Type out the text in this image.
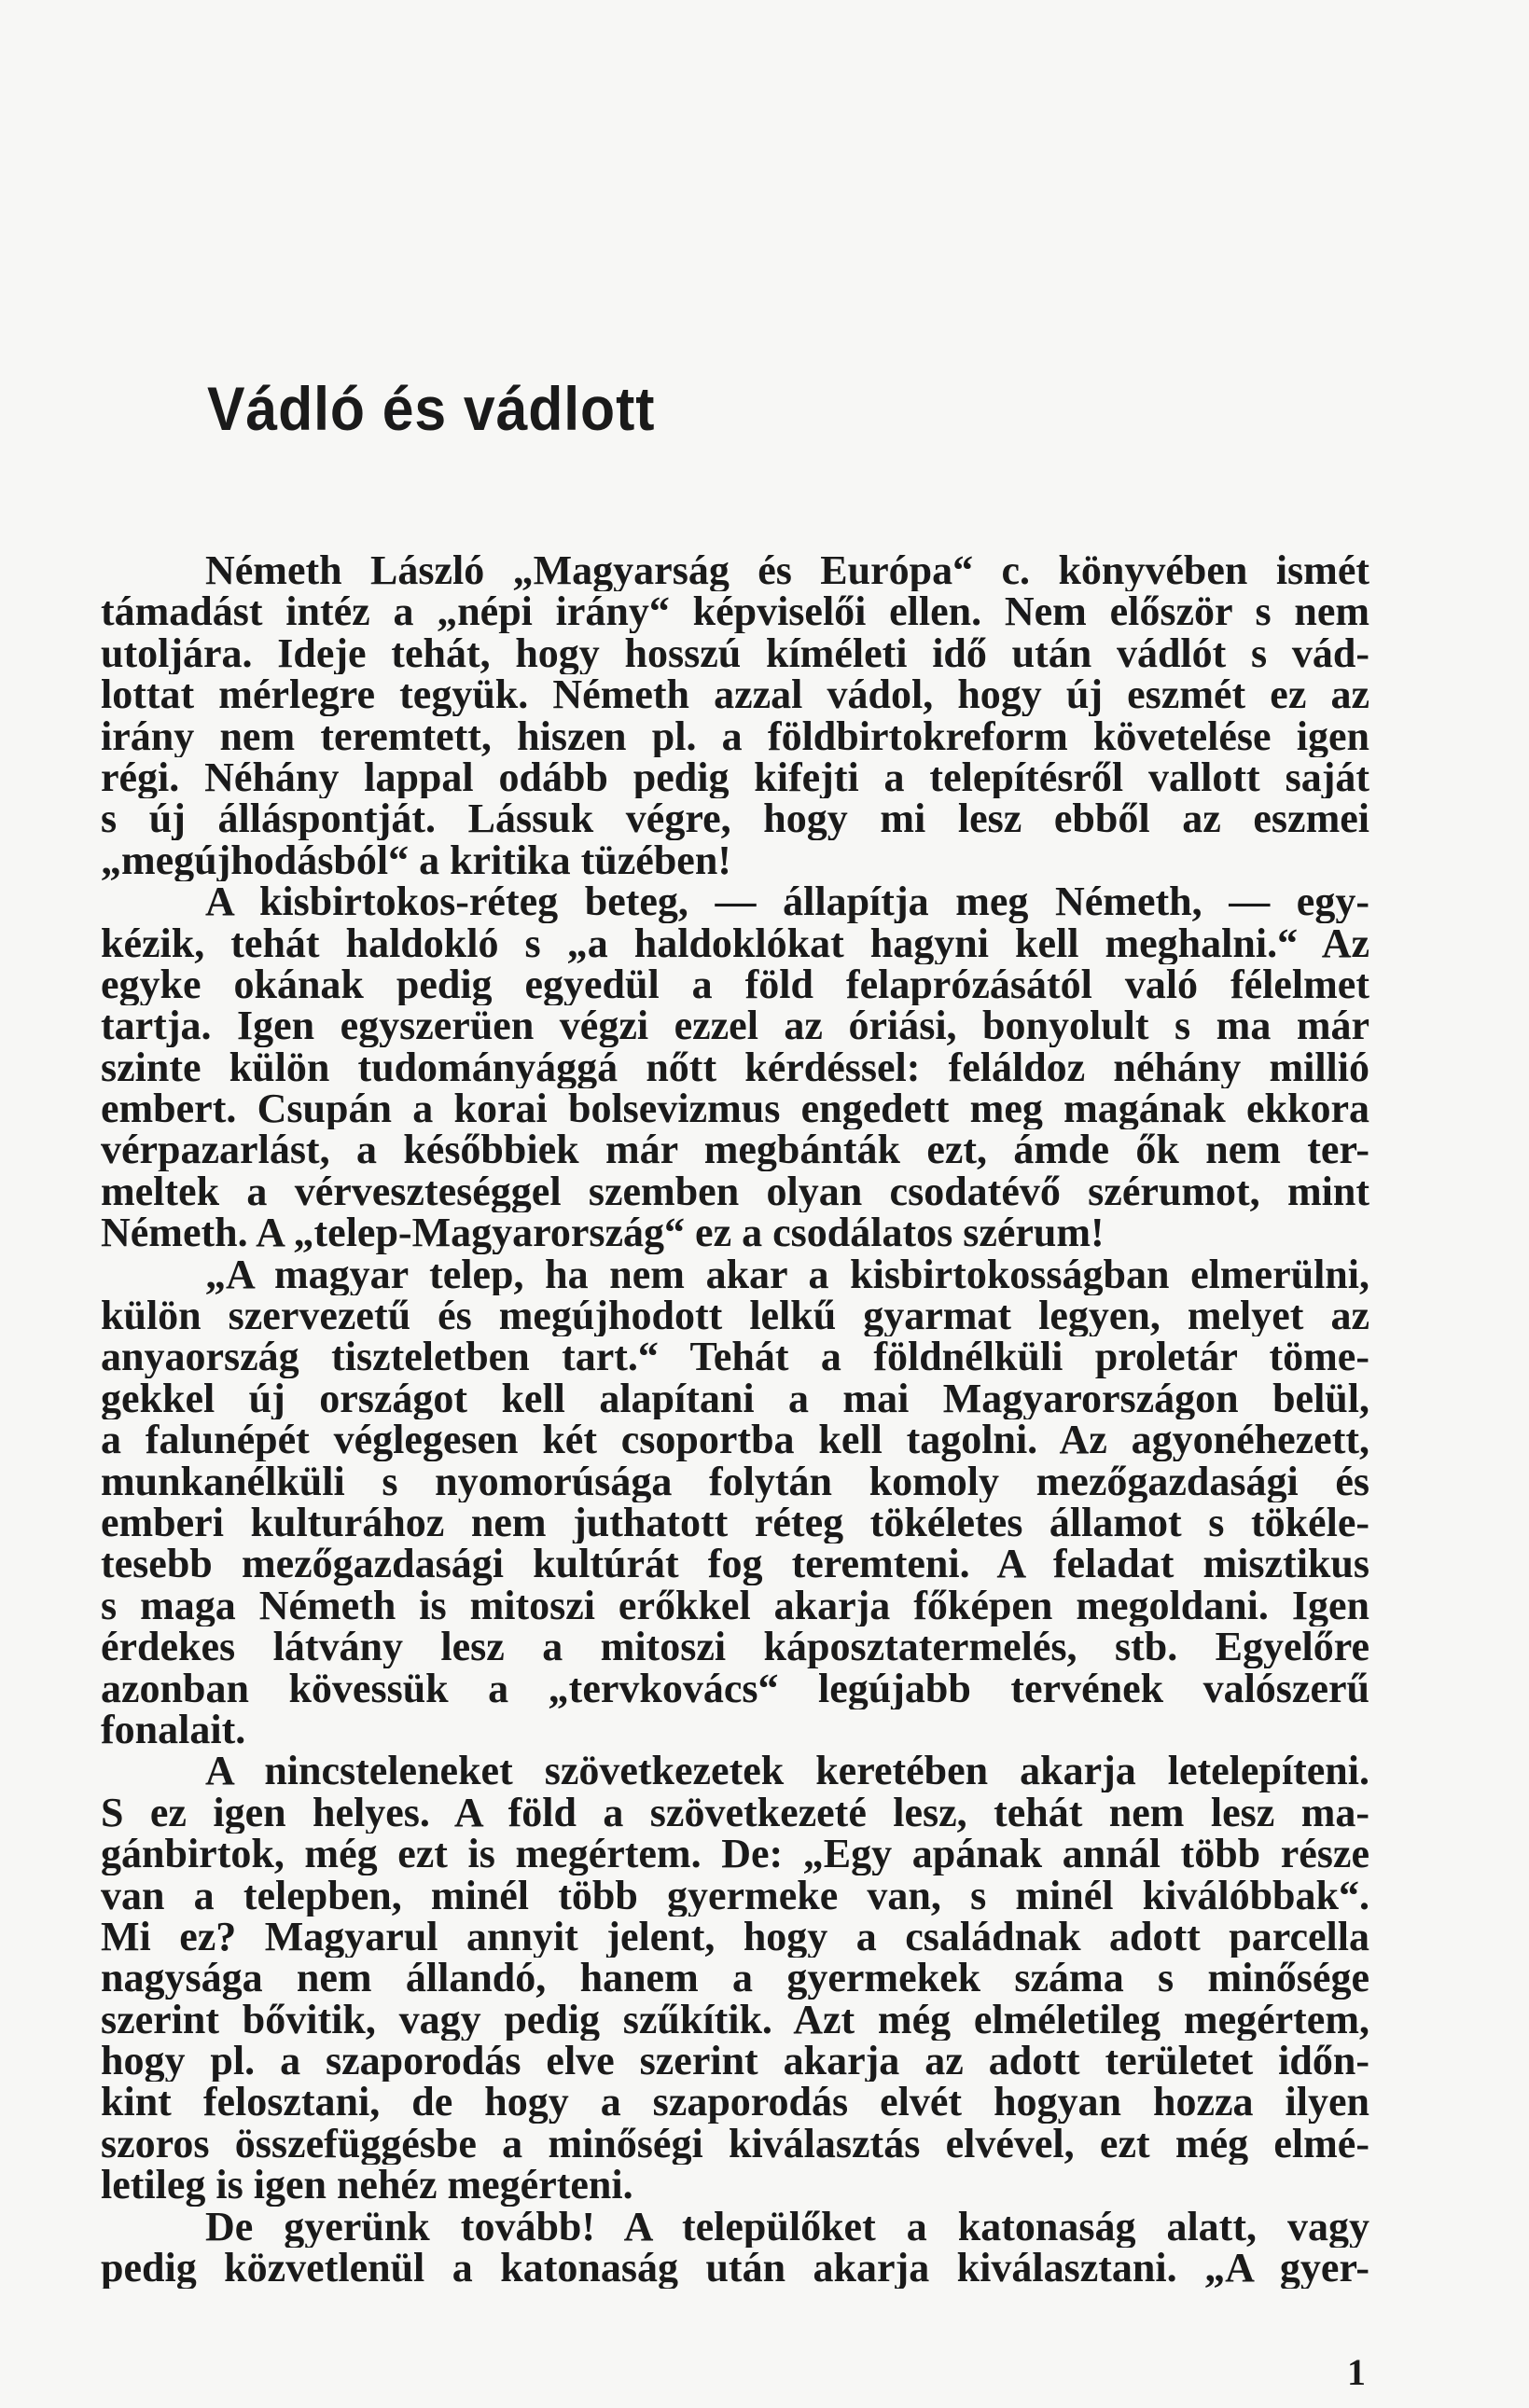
Vádló és vádlott
Németh László „Magyarság és Európa“ c. könyvében ismét
támadást intéz a „népi irány“ képviselői ellen. Nem először s nem
utoljára. Ideje tehát, hogy hosszú kíméleti idő után vádlót s vád-
lottat mérlegre tegyük. Németh azzal vádol, hogy új eszmét ez az
irány nem teremtett, hiszen pl. a földbirtokreform követelése igen
régi. Néhány lappal odább pedig kifejti a telepítésről vallott saját
s új álláspontját. Lássuk végre, hogy mi lesz ebből az eszmei
„megújhodásból“ a kritika tüzében!
A kisbirtokos-réteg beteg, — állapítja meg Németh, — egy-
kézik, tehát haldokló s „a haldoklókat hagyni kell meghalni.“ Az
egyke okának pedig egyedül a föld felaprózásától való félelmet
tartja. Igen egyszerüen végzi ezzel az óriási, bonyolult s ma már
szinte külön tudományággá nőtt kérdéssel: feláldoz néhány millió
embert. Csupán a korai bolsevizmus engedett meg magának ekkora
vérpazarlást, a későbbiek már megbánták ezt, ámde ők nem ter-
meltek a vérveszteséggel szemben olyan csodatévő szérumot, mint
Németh. A „telep-Magyarország“ ez a csodálatos szérum!
„A magyar telep, ha nem akar a kisbirtokosságban elmerülni,
külön szervezetű és megújhodott lelkű gyarmat legyen, melyet az
anyaország tiszteletben tart.“ Tehát a földnélküli proletár töme-
gekkel új országot kell alapítani a mai Magyarországon belül,
a falunépét véglegesen két csoportba kell tagolni. Az agyonéhezett,
munkanélküli s nyomorúsága folytán komoly mezőgazdasági és
emberi kulturához nem juthatott réteg tökéletes államot s tökéle-
tesebb mezőgazdasági kultúrát fog teremteni. A feladat misztikus
s maga Németh is mitoszi erőkkel akarja főképen megoldani. Igen
érdekes látvány lesz a mitoszi káposztatermelés, stb. Egyelőre
azonban kövessük a „tervkovács“ legújabb tervének valószerű
fonalait.
A nincsteleneket szövetkezetek keretében akarja letelepíteni.
S ez igen helyes. A föld a szövetkezeté lesz, tehát nem lesz ma-
gánbirtok, még ezt is megértem. De: „Egy apának annál több része
van a telepben, minél több gyermeke van, s minél kiválóbbak“.
Mi ez? Magyarul annyit jelent, hogy a családnak adott parcella
nagysága nem állandó, hanem a gyermekek száma s minősége
szerint bővitik, vagy pedig szűkítik. Azt még elméletileg megértem,
hogy pl. a szaporodás elve szerint akarja az adott területet időn-
kint felosztani, de hogy a szaporodás elvét hogyan hozza ilyen
szoros összefüggésbe a minőségi kiválasztás elvével, ezt még elmé-
letileg is igen nehéz megérteni.
De gyerünk tovább! A települőket a katonaság alatt, vagy
pedig közvetlenül a katonaság után akarja kiválasztani. „A gyer-
1
